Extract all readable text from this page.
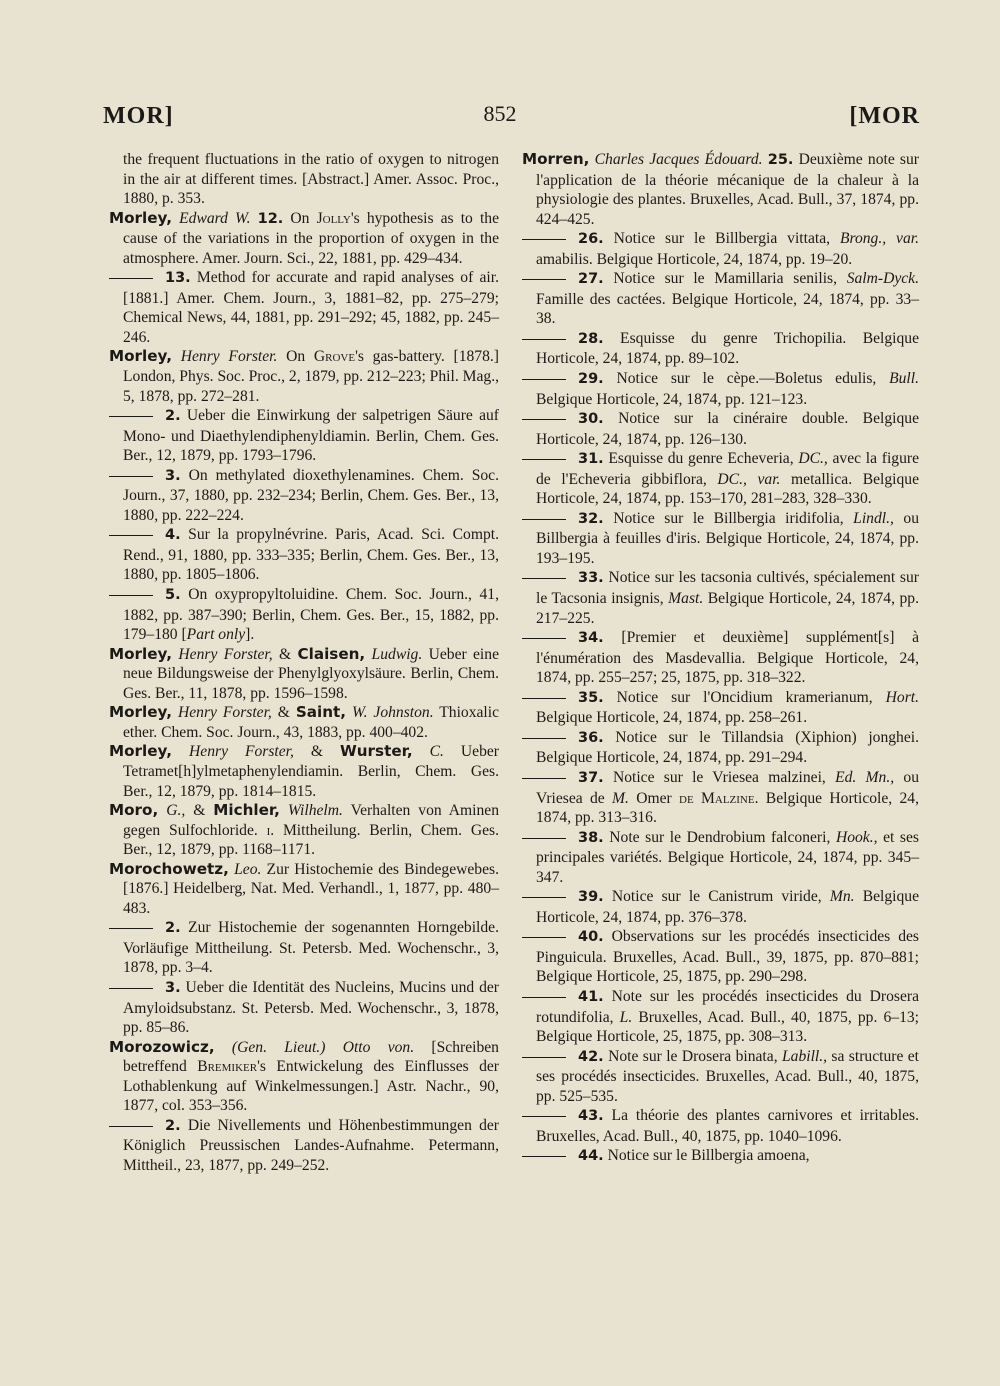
MOR]	852	[MOR

the frequent fluctuations in the ratio of oxygen to nitrogen in the air at different times. [Abstract.] Amer. Assoc. Proc., 1880, p. 353.

Morley, Edward W. 12. On Jolly's hypothesis as to the cause of the variations in the proportion of oxygen in the atmosphere. Amer. Journ. Sci., 22, 1881, pp. 429–434.

13. Method for accurate and rapid analyses of air. [1881.] Amer. Chem. Journ., 3, 1881–82, pp. 275–279; Chemical News, 44, 1881, pp. 291–292; 45, 1882, pp. 245–246.

Morley, Henry Forster. On Grove's gas-battery. [1878.] London, Phys. Soc. Proc., 2, 1879, pp. 212–223; Phil. Mag., 5, 1878, pp. 272–281.

2. Ueber die Einwirkung der salpetrigen Säure auf Mono- und Diaethylendiphenyldiamin. Berlin, Chem. Ges. Ber., 12, 1879, pp. 1793–1796.

3. On methylated dioxethylenamines. Chem. Soc. Journ., 37, 1880, pp. 232–234; Berlin, Chem. Ges. Ber., 13, 1880, pp. 222–224.

4. Sur la propylnévrine. Paris, Acad. Sci. Compt. Rend., 91, 1880, pp. 333–335; Berlin, Chem. Ges. Ber., 13, 1880, pp. 1805–1806.

5. On oxypropyltoluidine. Chem. Soc. Journ., 41, 1882, pp. 387–390; Berlin, Chem. Ges. Ber., 15, 1882, pp. 179–180 [Part only].

Morley, Henry Forster, & Claisen, Ludwig. Ueber eine neue Bildungsweise der Phenylglyoxylsäure. Berlin, Chem. Ges. Ber., 11, 1878, pp. 1596–1598.

Morley, Henry Forster, & Saint, W. Johnston. Thioxalic ether. Chem. Soc. Journ., 43, 1883, pp. 400–402.

Morley, Henry Forster, & Wurster, C. Ueber Tetramet[h]ylmetaphenylendiamin. Berlin, Chem. Ges. Ber., 12, 1879, pp. 1814–1815.

Moro, G., & Michler, Wilhelm. Verhalten von Aminen gegen Sulfochloride. i. Mittheilung. Berlin, Chem. Ges. Ber., 12, 1879, pp. 1168–1171.

Morochowetz, Leo. Zur Histochemie des Bindegewebes. [1876.] Heidelberg, Nat. Med. Verhandl., 1, 1877, pp. 480–483.

2. Zur Histochemie der sogenannten Horngebilde. Vorläufige Mittheilung. St. Petersb. Med. Wochenschr., 3, 1878, pp. 3–4.

3. Ueber die Identität des Nucleins, Mucins und der Amyloidsubstanz. St. Petersb. Med. Wochenschr., 3, 1878, pp. 85–86.

Morozowicz, (Gen. Lieut.) Otto von. [Schreiben betreffend Bremiker's Entwickelung des Einflusses der Lothablenkung auf Winkelmessungen.] Astr. Nachr., 90, 1877, col. 353–356.

2. Die Nivellements und Höhenbestimmungen der Königlich Preussischen Landes-Aufnahme. Petermann, Mittheil., 23, 1877, pp. 249–252.

Morren, Charles Jacques Édouard. 25. Deuxième note sur l'application de la théorie mécanique de la chaleur à la physiologie des plantes. Bruxelles, Acad. Bull., 37, 1874, pp. 424–425.

26. Notice sur le Billbergia vittata, Brong., var. amabilis. Belgique Horticole, 24, 1874, pp. 19–20.

27. Notice sur le Mamillaria senilis, Salm-Dyck. Famille des cactées. Belgique Horticole, 24, 1874, pp. 33–38.

28. Esquisse du genre Trichopilia. Belgique Horticole, 24, 1874, pp. 89–102.

29. Notice sur le cèpe.—Boletus edulis, Bull. Belgique Horticole, 24, 1874, pp. 121–123.

30. Notice sur la cinéraire double. Belgique Horticole, 24, 1874, pp. 126–130.

31. Esquisse du genre Echeveria, DC., avec la figure de l'Echeveria gibbiflora, DC., var. metallica. Belgique Horticole, 24, 1874, pp. 153–170, 281–283, 328–330.

32. Notice sur le Billbergia iridifolia, Lindl., ou Billbergia à feuilles d'iris. Belgique Horticole, 24, 1874, pp. 193–195.

33. Notice sur les tacsonia cultivés, spécialement sur le Tacsonia insignis, Mast. Belgique Horticole, 24, 1874, pp. 217–225.

34. [Premier et deuxième] supplément[s] à l'énumération des Masdevallia. Belgique Horticole, 24, 1874, pp. 255–257; 25, 1875, pp. 318–322.

35. Notice sur l'Oncidium kramerianum, Hort. Belgique Horticole, 24, 1874, pp. 258–261.

36. Notice sur le Tillandsia (Xiphion) jonghei. Belgique Horticole, 24, 1874, pp. 291–294.

37. Notice sur le Vriesea malzinei, Ed. Mn., ou Vriesea de M. Omer de Malzine. Belgique Horticole, 24, 1874, pp. 313–316.

38. Note sur le Dendrobium falconeri, Hook., et ses principales variétés. Belgique Horticole, 24, 1874, pp. 345–347.

39. Notice sur le Canistrum viride, Mn. Belgique Horticole, 24, 1874, pp. 376–378.

40. Observations sur les procédés insecticides des Pinguicula. Bruxelles, Acad. Bull., 39, 1875, pp. 870–881; Belgique Horticole, 25, 1875, pp. 290–298.

41. Note sur les procédés insecticides du Drosera rotundifolia, L. Bruxelles, Acad. Bull., 40, 1875, pp. 6–13; Belgique Horticole, 25, 1875, pp. 308–313.

42. Note sur le Drosera binata, Labill., sa structure et ses procédés insecticides. Bruxelles, Acad. Bull., 40, 1875, pp. 525–535.

43. La théorie des plantes carnivores et irritables. Bruxelles, Acad. Bull., 40, 1875, pp. 1040–1096.

44. Notice sur le Billbergia amoena,
